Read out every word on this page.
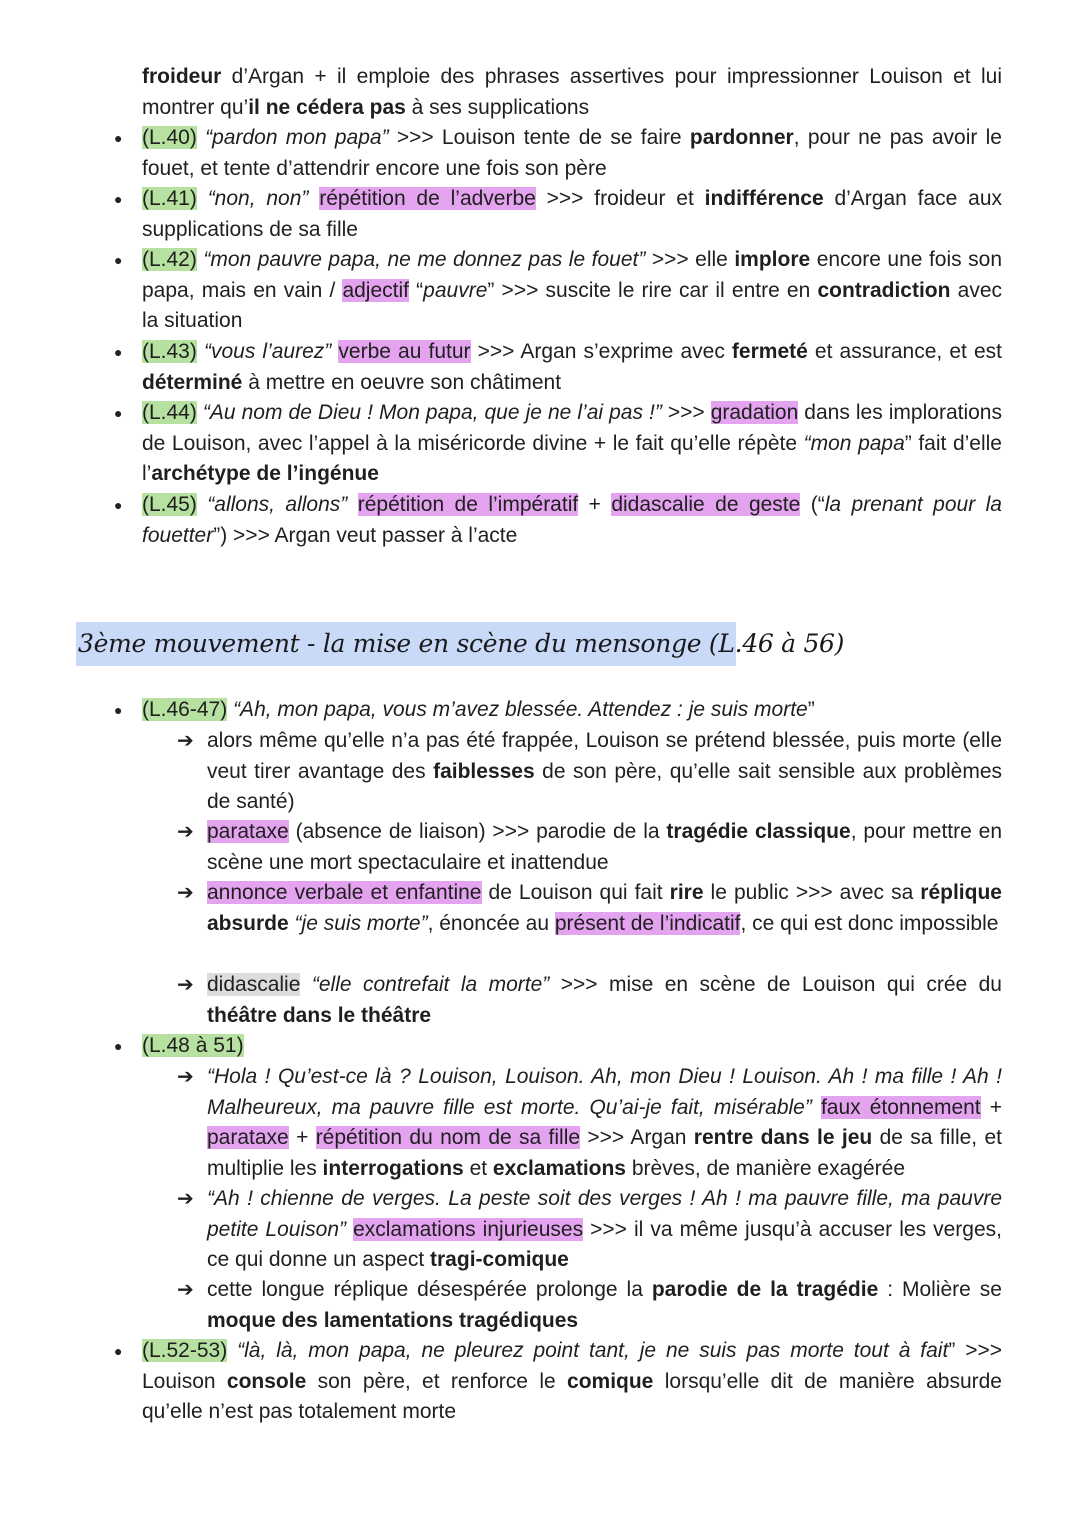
froideur d’Argan + il emploie des phrases assertives pour impressionner Louison et lui montrer qu’il ne cédera pas à ses supplications

● (L.40) “pardon mon papa” >>> Louison tente de se faire pardonner, pour ne pas avoir le fouet, et tente d’attendrir encore une fois son père
● (L.41) “non, non” répétition de l’adverbe >>> froideur et indifférence d’Argan face aux supplications de sa fille
● (L.42) “mon pauvre papa, ne me donnez pas le fouet” >>> elle implore encore une fois son papa, mais en vain / adjectif “pauvre” >>> suscite le rire car il entre en contradiction avec la situation
● (L.43) “vous l’aurez” verbe au futur >>> Argan s’exprime avec fermeté et assurance, et est déterminé à mettre en oeuvre son châtiment
● (L.44) “Au nom de Dieu ! Mon papa, que je ne l’ai pas !” >>> gradation dans les implorations de Louison, avec l’appel à la miséricorde divine + le fait qu’elle répète “mon papa” fait d’elle l’archétype de l’ingénue
● (L.45) “allons, allons” répétition de l’impératif + didascalie de geste (“la prenant pour la fouetter”) >>> Argan veut passer à l’acte
3ème mouvement - la mise en scène du mensonge (L.46 à 56)
● (L.46-47) “Ah, mon papa, vous m’avez blessée. Attendez : je suis morte”
➔ alors même qu’elle n’a pas été frappée, Louison se prétend blessée, puis morte (elle veut tirer avantage des faiblesses de son père, qu’elle sait sensible aux problèmes de santé)
➔ parataxe (absence de liaison) >>> parodie de la tragédie classique, pour mettre en scène une mort spectaculaire et inattendue
➔ annonce verbale et enfantine de Louison qui fait rire le public >>> avec sa réplique absurde “je suis morte”, énoncée au présent de l’indicatif, ce qui est donc impossible
➔ didascalie “elle contrefait la morte” >>> mise en scène de Louison qui crée du théâtre dans le théâtre
● (L.48 à 51)
➔ “Hola ! Qu’est-ce là ? Louison, Louison. Ah, mon Dieu ! Louison. Ah ! ma fille ! Ah ! Malheureux, ma pauvre fille est morte. Qu’ai-je fait, misérable” faux étonnement + parataxe + répétition du nom de sa fille >>> Argan rentre dans le jeu de sa fille, et multiplie les interrogations et exclamations brèves, de manière exagérée
➔ “Ah ! chienne de verges. La peste soit des verges ! Ah ! ma pauvre fille, ma pauvre petite Louison” exclamations injurieuses >>> il va même jusqu’à accuser les verges, ce qui donne un aspect tragi-comique
➔ cette longue réplique désespérée prolonge la parodie de la tragédie : Molière se moque des lamentations tragédiques
● (L.52-53) “là, là, mon papa, ne pleurez point tant, je ne suis pas morte tout à fait” >>> Louison console son père, et renforce le comique lorsqu’elle dit de manière absurde qu’elle n’est pas totalement morte
